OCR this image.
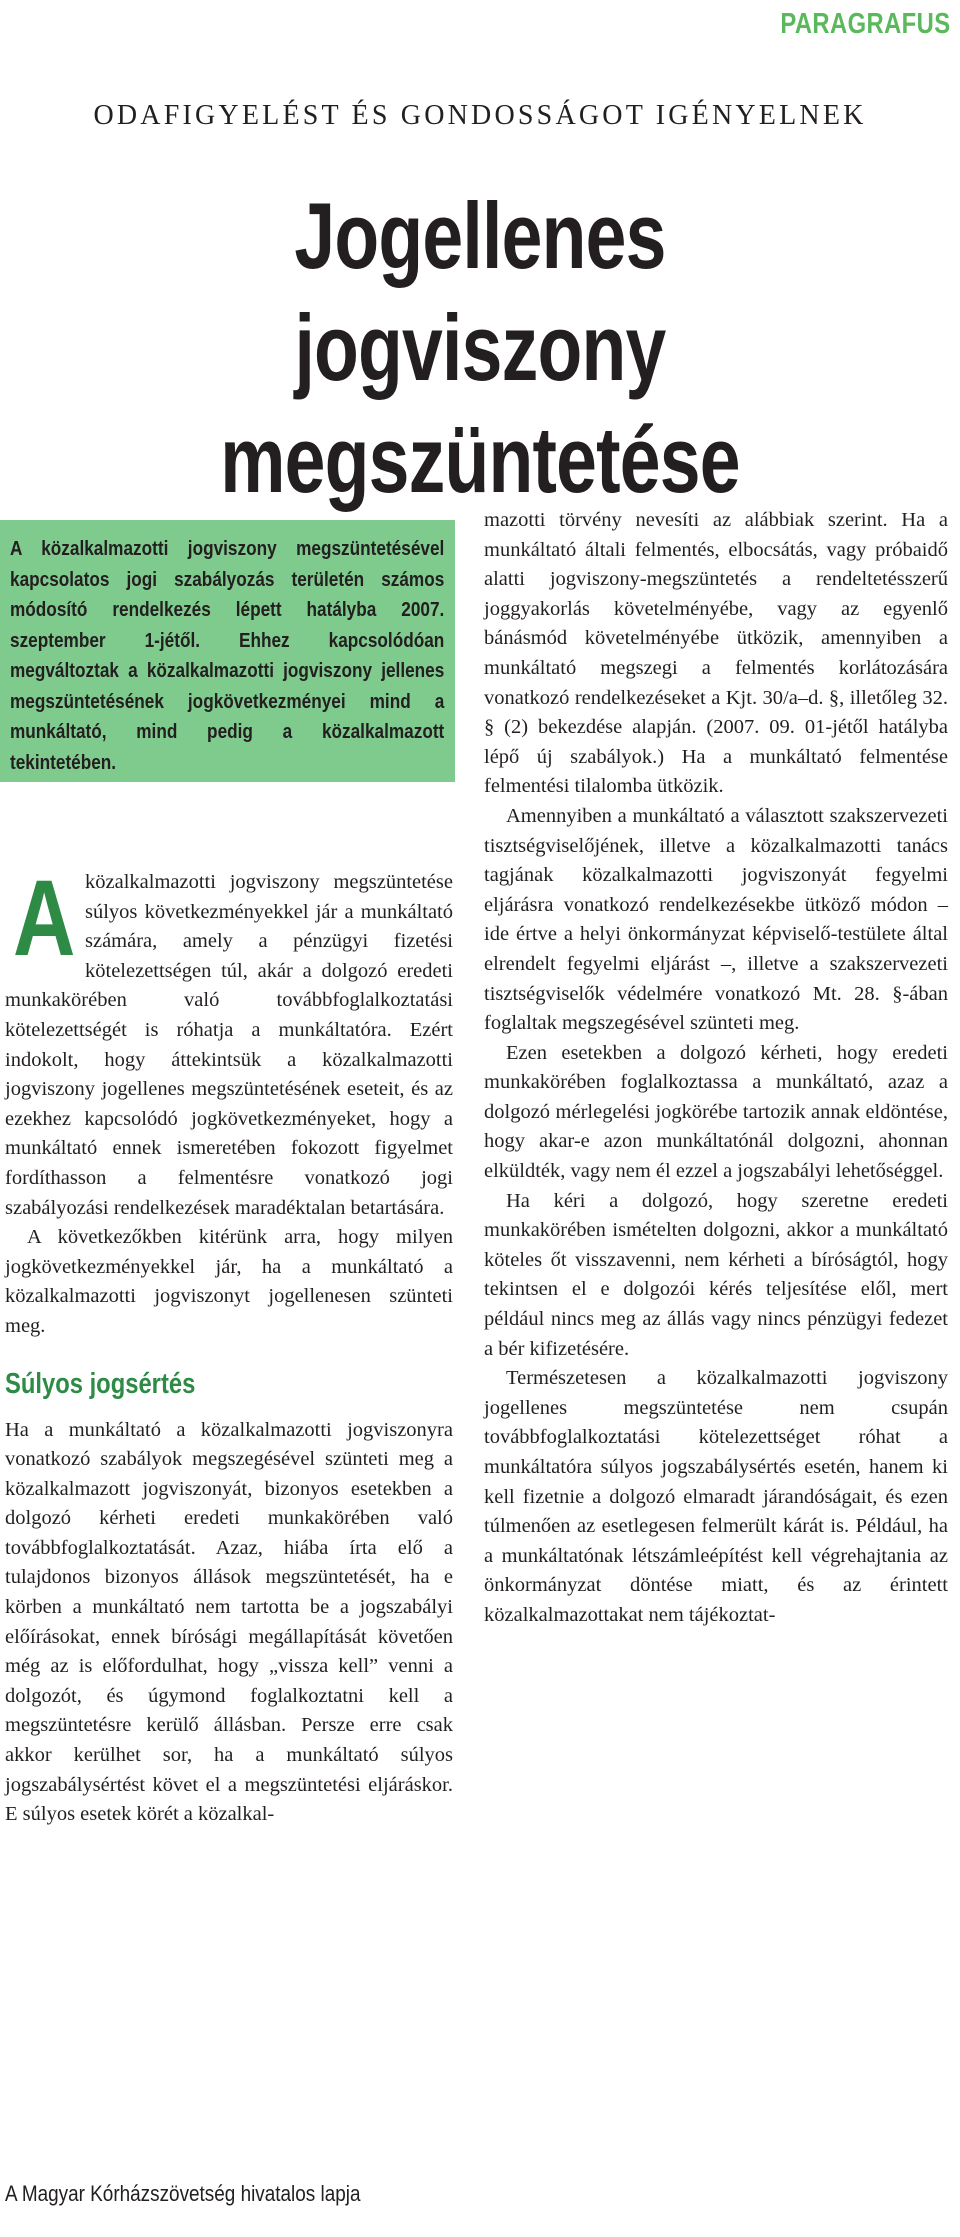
PARAGRAFUS
ODAFIGYELÉST ÉS GONDOSSÁGOT IGÉNYELNEK
Jogellenes jogviszony
megszüntetése

A közalkalmazotti jogviszony megszüntetésével kapcsolatos jogi szabályozás területén számos módosító rendelkezés lépett hatályba 2007. szeptember 1-jétől. Ehhez kapcsolódóan megváltoztak a közalkalmazotti jogviszony jellenes megszüntetésének jogkövetkezményei mind a munkáltató, mind pedig a közalkalmazott tekintetében.

Aközalkalmazotti jogviszony megszüntetése súlyos következményekkel jár a munkáltató számára, amely a pénzügyi fizetési kötelezettségen túl, akár a dolgozó eredeti munkakörében való továbbfoglalkoztatási kötelezettségét is róhatja a munkáltatóra. Ezért indokolt, hogy áttekintsük a közalkalmazotti jogviszony jogellenes megszüntetésének eseteit, és az ezekhez kapcsolódó jogkövetkezményeket, hogy a munkáltató ennek ismeretében fokozott figyelmet fordíthasson a felmentésre vonatkozó jogi szabályozási rendelkezések maradéktalan betartására.

A következőkben kitérünk arra, hogy milyen jogkövetkezményekkel jár, ha a munkáltató a közalkalmazotti jogviszonyt jogellenesen szünteti meg.

Súlyos jogsértés

Ha a munkáltató a közalkalmazotti jogviszonyra vonatkozó szabályok megszegésével szünteti meg a közalkalmazott jogviszonyát, bizonyos esetekben a dolgozó kérheti eredeti munkakörében való továbbfoglalkoztatását. Azaz, hiába írta elő a tulajdonos bizonyos állások megszüntetését, ha e körben a munkáltató nem tartotta be a jogszabályi előírásokat, ennek bírósági megállapítását követően még az is előfordulhat, hogy „vissza kell” venni a dolgozót, és úgymond foglalkoztatni kell a megszüntetésre kerülő állásban. Persze erre csak akkor kerülhet sor, ha a munkáltató súlyos jogszabálysértést követ el a megszüntetési eljáráskor. E súlyos esetek körét a közalkal-

mazotti törvény nevesíti az alábbiak szerint. Ha a munkáltató általi felmentés, elbocsátás, vagy próbaidő alatti jogviszony-megszüntetés a rendeltetésszerű joggyakorlás követelményébe, vagy az egyenlő bánásmód követelményébe ütközik, amennyiben a munkáltató megszegi a felmentés korlátozására vonatkozó rendelkezéseket a Kjt. 30/a–d. §, illetőleg 32. § (2) bekezdése alapján. (2007. 09. 01-jétől hatályba lépő új szabályok.) Ha a munkáltató felmentése felmentési tilalomba ütközik.

Amennyiben a munkáltató a választott szakszervezeti tisztségviselőjének, illetve a közalkalmazotti tanács tagjának közalkalmazotti jogviszonyát fegyelmi eljárásra vonatkozó rendelkezésekbe ütköző módon – ide értve a helyi önkormányzat képviselő-testülete által elrendelt fegyelmi eljárást –, illetve a szakszervezeti tisztségviselők védelmére vonatkozó Mt. 28. §-ában foglaltak megszegésével szünteti meg.

Ezen esetekben a dolgozó kérheti, hogy eredeti munkakörében foglalkoztassa a munkáltató, azaz a dolgozó mérlegelési jogkörébe tartozik annak eldöntése, hogy akar-e azon munkáltatónál dolgozni, ahonnan elküldték, vagy nem él ezzel a jogszabályi lehetőséggel.

Ha kéri a dolgozó, hogy szeretne eredeti munkakörében ismételten dolgozni, akkor a munkáltató köteles őt visszavenni, nem kérheti a bíróságtól, hogy tekintsen el e dolgozói kérés teljesítése elől, mert például nincs meg az állás vagy nincs pénzügyi fedezet a bér kifizetésére.

Természetesen a közalkalmazotti jogviszony jogellenes megszüntetése nem csupán továbbfoglalkoztatási kötelezettséget róhat a munkáltatóra súlyos jogszabálysértés esetén, hanem ki kell fizetnie a dolgozó elmaradt járandóságait, és ezen túlmenően az esetlegesen felmerült kárát is. Például, ha a munkáltatónak létszámleépítést kell végrehajtania az önkormányzat döntése miatt, és az érintett közalkalmazottakat nem tájékoztat-

A Magyar Kórházszövetség hivatalos lapja
